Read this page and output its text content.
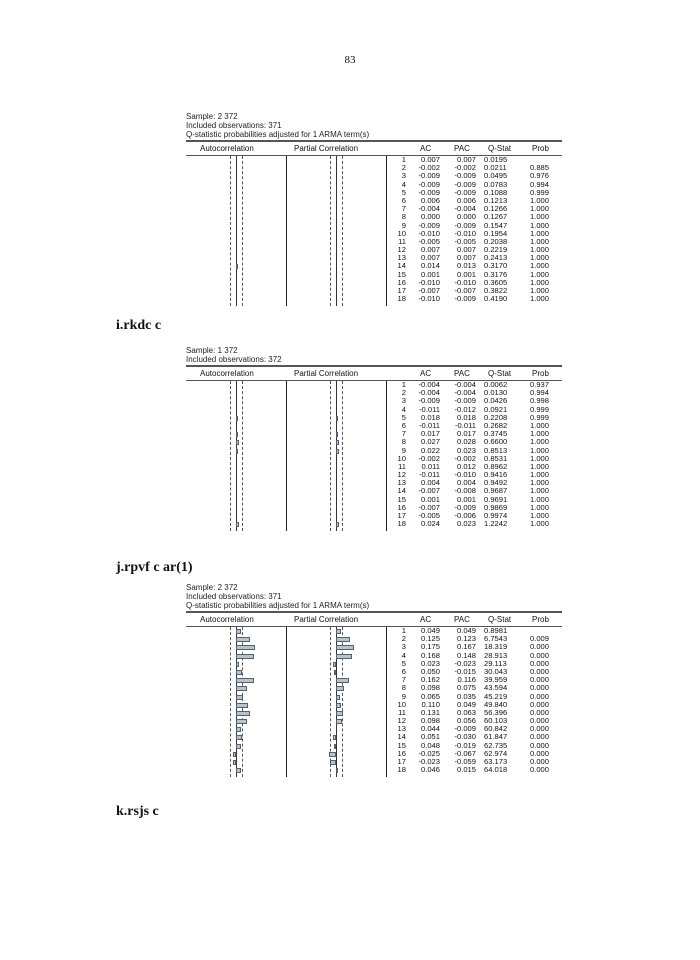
83
Sample: 2 372
Included observations: 371
Q-statistic probabilities adjusted for 1 ARMA term(s)
Autocorrelation	Partial Correlation	AC	PAC Q-Stat	Prob
1	0.007	0.007 0.0195
2	-0.002	-0.002 0.0211	0.885
3	-0.009	-0.009 0.0495	0.976
4	-0.009	-0.009 0.0783	0.994
5	-0.009	-0.009 0.1088	0.999
6	0.006	0.006 0.1213	1.000
7	-0.004	-0.004 0.1266	1.000
8	0.000	0.000 0.1267	1.000
9	-0.009	-0.009 0.1547	1.000
10	-0.010	-0.010 0.1954	1.000
11	-0.005	-0.005 0.2038	1.000
12	0.007	0.007 0.2219	1.000
13	0.007	0.007 0.2413	1.000
14	0.014	0.013 0.3170	1.000
15	0.001	0.001 0.3176	1.000
16	-0.010	-0.010 0.3605	1.000
17	-0.007	-0.007 0.3822	1.000
18	-0.010	-0.009 0.4190	1.000
i.rkdc c
Sample: 1 372
Included observations: 372
Autocorrelation	Partial Correlation	AC	PAC Q-Stat	Prob
1	-0.004	-0.004 0.0062	0.937
2	-0.004	-0.004 0.0130	0.994
3	-0.009	-0.009 0.0426	0.998
4	-0.011	-0.012 0.0921	0.999
5	0.018	0.018 0.2208	0.999
6	-0.011	-0.011 0.2682	1.000
7	0.017	0.017 0.3745	1.000
8	0.027	0.028 0.6600	1.000
9	0.022	0.023 0.8513	1.000
10	-0.002	-0.002 0.8531	1.000
11	0.011	0.012 0.8962	1.000
12	-0.011	-0.010 0.9416	1.000
13	0.004	0.004 0.9492	1.000
14	-0.007	-0.008 0.9687	1.000
15	0.001	0.001 0.9691	1.000
16	-0.007	-0.009 0.9869	1.000
17	-0.005	-0.006 0.9974	1.000
18	0.024	0.023 1.2242	1.000
j.rpvf c ar(1)
Sample: 2 372
Included observations: 371
Q-statistic probabilities adjusted for 1 ARMA term(s)
Autocorrelation	Partial Correlation	AC	PAC Q-Stat	Prob
1	0.049	0.049 0.8981
2	0.125	0.123 6.7543	0.009
3	0.175	0.167 18.319	0.000
4	0.168	0.148 28.913	0.000
5	0.023	-0.023 29.113	0.000
6	0.050	-0.015 30.043	0.000
7	0.162	0.116 39.959	0.000
8	0.098	0.075 43.594	0.000
9	0.065	0.035 45.219	0.000
10	0.110	0.049 49.840	0.000
11	0.131	0.063 56.396	0.000
12	0.098	0.056 60.103	0.000
13	0.044	-0.009 60.842	0.000
14	0.051	-0.030 61.847	0.000
15	0.048	-0.019 62.735	0.000
16	-0.025	-0.067 62.974	0.000
17	-0.023	-0.059 63.173	0.000
18	0.046	0.015 64.018	0.000
k.rsjs c
